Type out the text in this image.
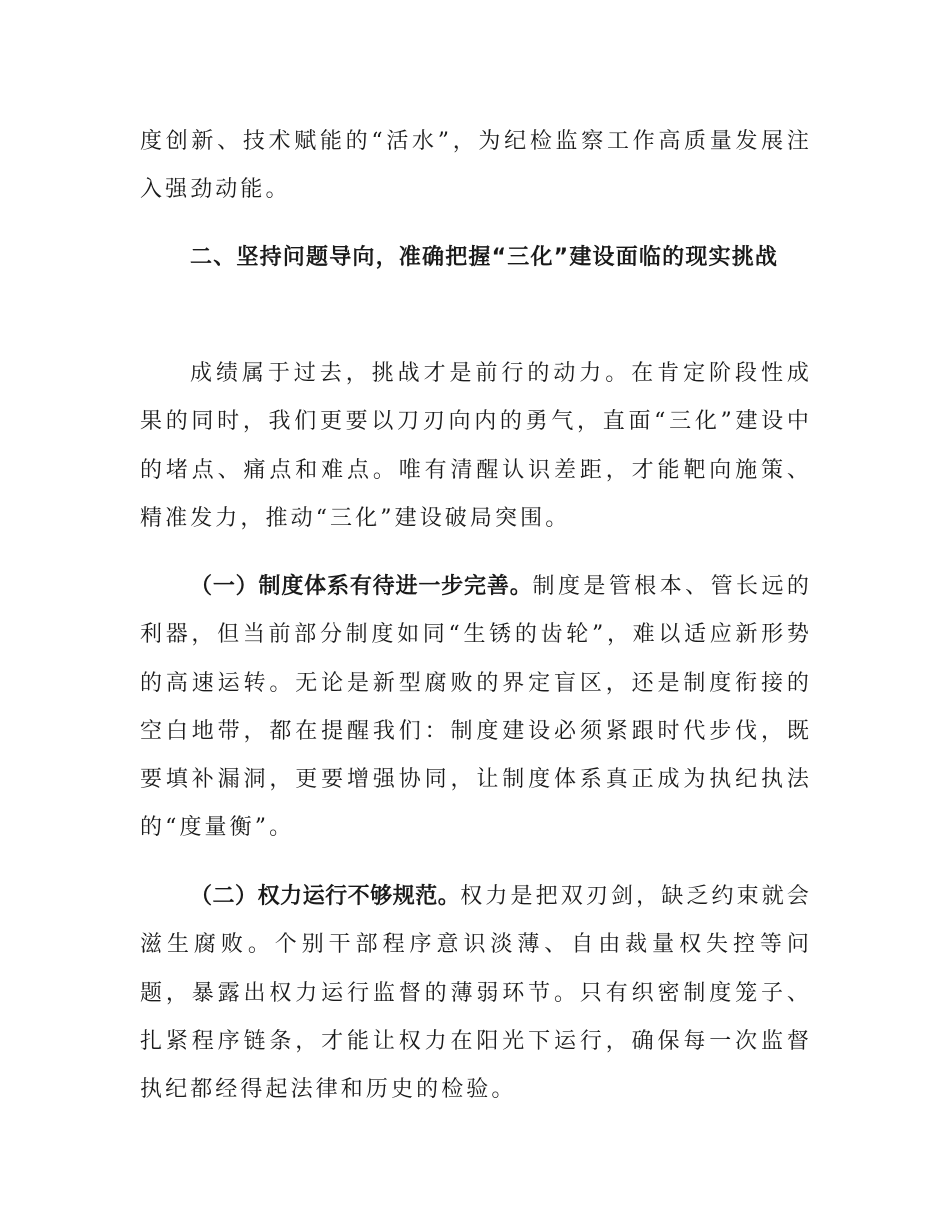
度创新、技术赋能的“活水”，为纪检监察工作高质量发展注入强劲动能。

二、坚持问题导向，准确把握“三化”建设面临的现实挑战

成绩属于过去，挑战才是前行的动力。在肯定阶段性成果的同时，我们更要以刀刃向内的勇气，直面“三化”建设中的堵点、痛点和难点。唯有清醒认识差距，才能靶向施策、精准发力，推动“三化”建设破局突围。

（一）制度体系有待进一步完善。制度是管根本、管长远的利器，但当前部分制度如同“生锈的齿轮”，难以适应新形势的高速运转。无论是新型腐败的界定盲区，还是制度衔接的空白地带，都在提醒我们：制度建设必须紧跟时代步伐，既要填补漏洞，更要增强协同，让制度体系真正成为执纪执法的“度量衡”。

（二）权力运行不够规范。权力是把双刃剑，缺乏约束就会滋生腐败。个别干部程序意识淡薄、自由裁量权失控等问题，暴露出权力运行监督的薄弱环节。只有织密制度笼子、扎紧程序链条，才能让权力在阳光下运行，确保每一次监督执纪都经得起法律和历史的检验。
